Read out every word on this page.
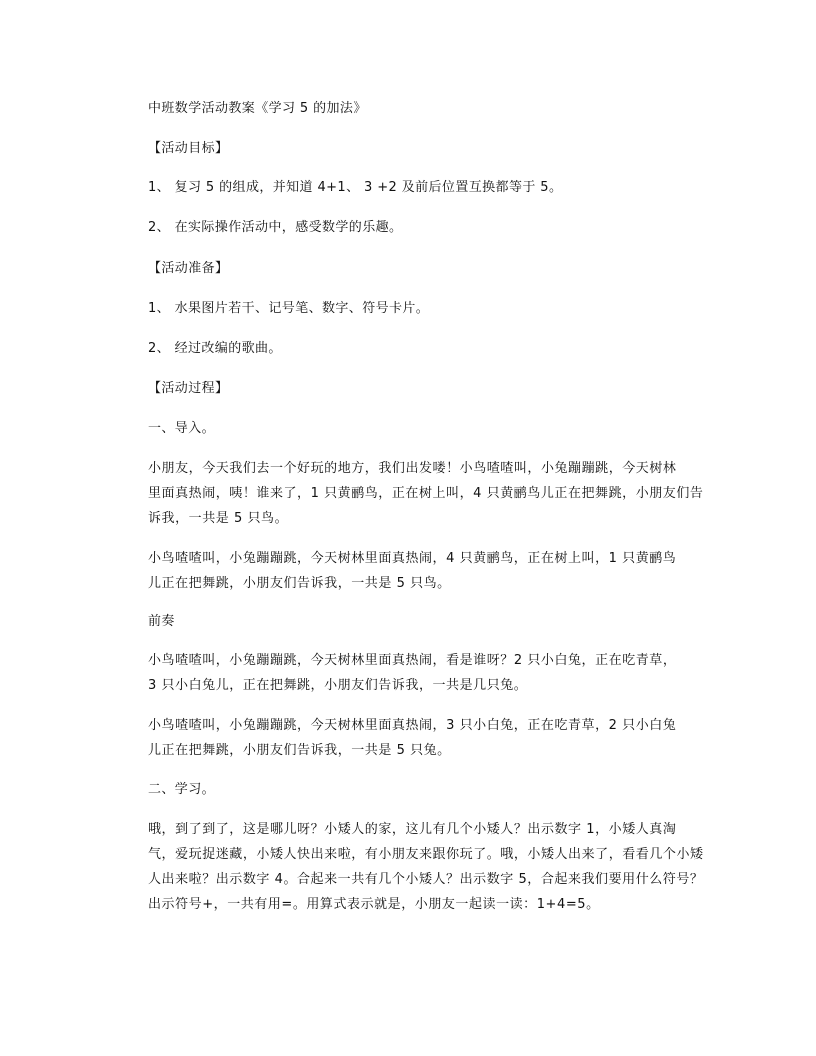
中班数学活动教案《学习 5 的加法》
【活动目标】
1、 复习 5 的组成，并知道 4+1、 3 +2 及前后位置互换都等于 5。
2、 在实际操作活动中，感受数学的乐趣。
【活动准备】
1、 水果图片若干、记号笔、数字、符号卡片。
2、 经过改编的歌曲。
【活动过程】
一、导入。
小朋友，今天我们去一个好玩的地方，我们出发喽！小鸟喳喳叫，小兔蹦蹦跳，今天树林
里面真热闹，咦！谁来了，1 只黄鹂鸟，正在树上叫，4 只黄鹂鸟儿正在把舞跳，小朋友们告
诉我，一共是 5 只鸟。
小鸟喳喳叫，小兔蹦蹦跳，今天树林里面真热闹，4 只黄鹂鸟，正在树上叫，1 只黄鹂鸟
儿正在把舞跳，小朋友们告诉我，一共是 5 只鸟。
前奏
小鸟喳喳叫，小兔蹦蹦跳，今天树林里面真热闹，看是谁呀？2 只小白兔，正在吃青草，
3 只小白兔儿，正在把舞跳，小朋友们告诉我，一共是几只兔。
小鸟喳喳叫，小兔蹦蹦跳，今天树林里面真热闹，3 只小白兔，正在吃青草，2 只小白兔
儿正在把舞跳，小朋友们告诉我，一共是 5 只兔。
二、学习。
哦，到了到了，这是哪儿呀？小矮人的家，这儿有几个小矮人？出示数字 1，小矮人真淘
气，爱玩捉迷藏，小矮人快出来啦，有小朋友来跟你玩了。哦，小矮人出来了，看看几个小矮
人出来啦？出示数字 4。合起来一共有几个小矮人？出示数字 5，合起来我们要用什么符号？
出示符号+，一共有用=。用算式表示就是，小朋友一起读一读：1+4=5。
